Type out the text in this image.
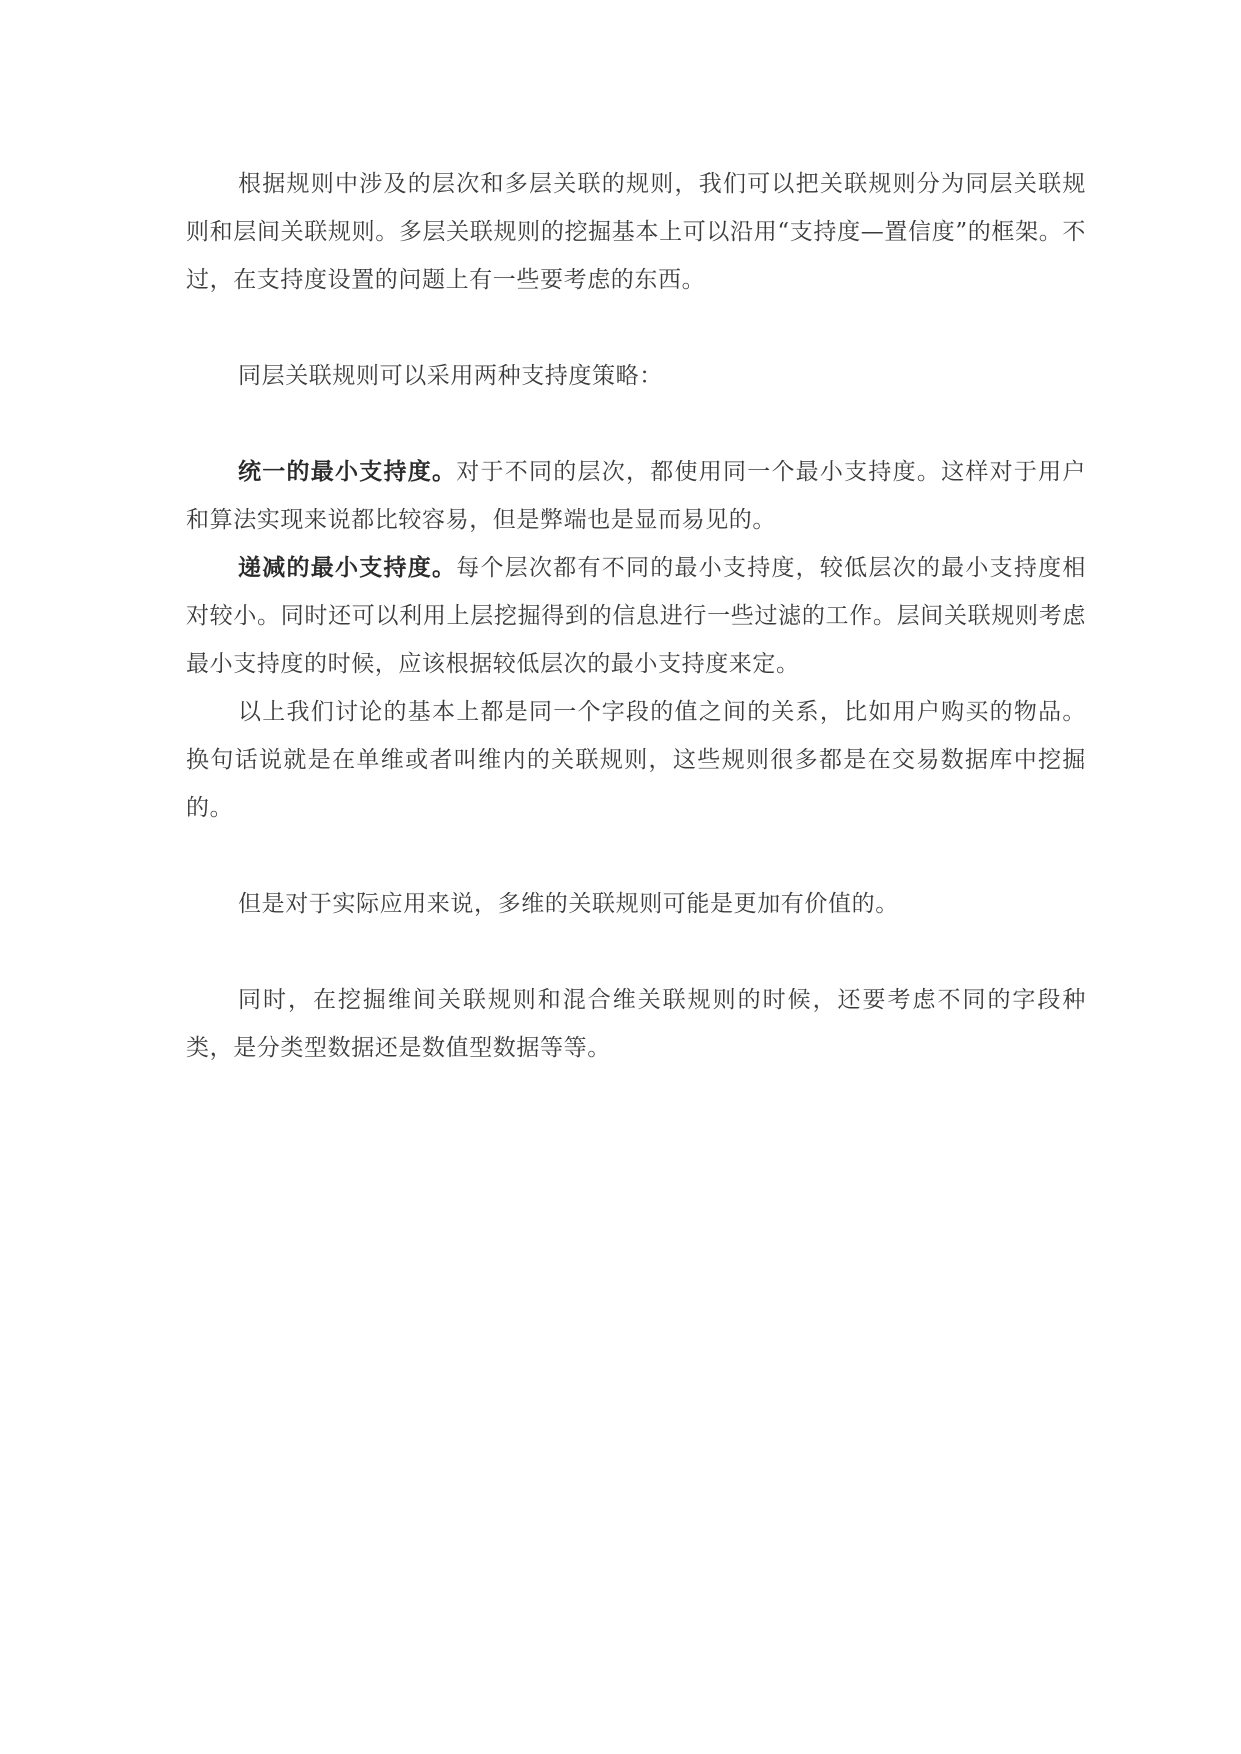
根据规则中涉及的层次和多层关联的规则，我们可以把关联规则分为同层关联规则和层间关联规则。多层关联规则的挖掘基本上可以沿用“支持度—置信度”的框架。不过，在支持度设置的问题上有一些要考虑的东西。

同层关联规则可以采用两种支持度策略：

统一的最小支持度。对于不同的层次，都使用同一个最小支持度。这样对于用户和算法实现来说都比较容易，但是弊端也是显而易见的。

递减的最小支持度。每个层次都有不同的最小支持度，较低层次的最小支持度相对较小。同时还可以利用上层挖掘得到的信息进行一些过滤的工作。层间关联规则考虑最小支持度的时候，应该根据较低层次的最小支持度来定。

以上我们讨论的基本上都是同一个字段的值之间的关系，比如用户购买的物品。换句话说就是在单维或者叫维内的关联规则，这些规则很多都是在交易数据库中挖掘的。

但是对于实际应用来说，多维的关联规则可能是更加有价值的。

同时，在挖掘维间关联规则和混合维关联规则的时候，还要考虑不同的字段种类，是分类型数据还是数值型数据等等。
